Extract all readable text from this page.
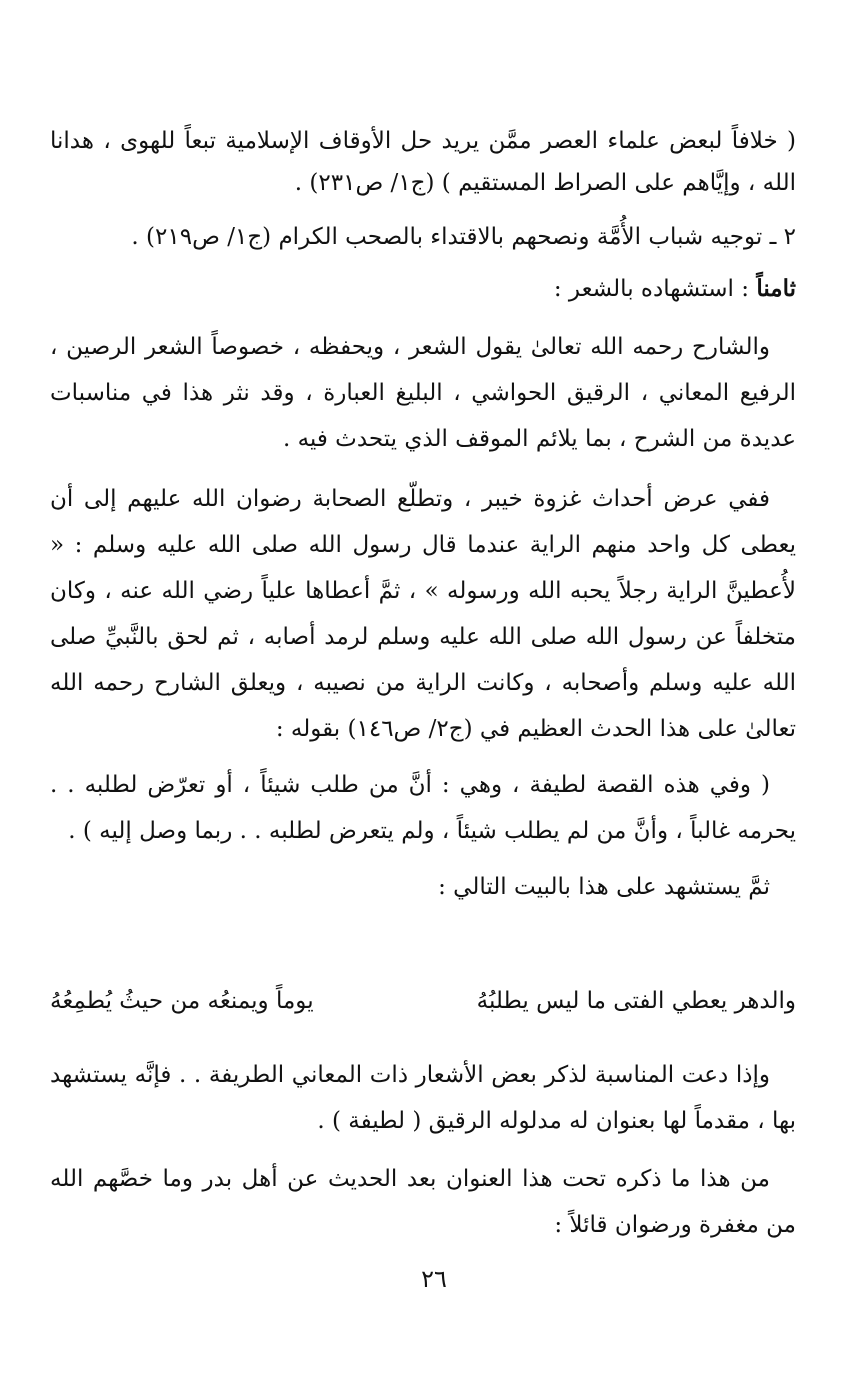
( خلافاً لبعض علماء العصر ممَّن يريد حل الأوقاف الإسلامية تبعاً للهوى ، هدانا الله ، وإيَّاهم على الصراط المستقيم ) (ج١/ ص٢٣١) .

٢ ـ توجيه شباب الأُمَّة ونصحهم بالاقتداء بالصحب الكرام (ج١/ ص٢١٩) .

ثامناً : استشهاده بالشعر :

والشارح رحمه الله تعالىٰ يقول الشعر ، ويحفظه ، خصوصاً الشعر الرصين ، الرفيع المعاني ، الرقيق الحواشي ، البليغ العبارة ، وقد نثر هذا في مناسبات عديدة من الشرح ، بما يلائم الموقف الذي يتحدث فيه .

ففي عرض أحداث غزوة خيبر ، وتطلّع الصحابة رضوان الله عليهم إلى أن يعطى كل واحد منهم الراية عندما قال رسول الله صلى الله عليه وسلم : « لأُعطينَّ الراية رجلاً يحبه الله ورسوله » ، ثمَّ أعطاها علياً رضي الله عنه ، وكان متخلفاً عن رسول الله صلى الله عليه وسلم لرمد أصابه ، ثم لحق بالنَّبيِّ صلى الله عليه وسلم وأصحابه ، وكانت الراية من نصيبه ، ويعلق الشارح رحمه الله تعالىٰ على هذا الحدث العظيم في (ج٢/ ص١٤٦) بقوله :

( وفي هذه القصة لطيفة ، وهي : أنَّ من طلب شيئاً ، أو تعرّض لطلبه . . يحرمه غالباً ، وأنَّ من لم يطلب شيئاً ، ولم يتعرض لطلبه . . ربما وصل إليه ) .

ثمَّ يستشهد على هذا بالبيت التالي :

والدهر يعطي الفتى ما ليس يطلبُهُ
يوماً ويمنعُه من حيثُ يُطمِعُهُ

وإذا دعت المناسبة لذكر بعض الأشعار ذات المعاني الطريفة . . فإنَّه يستشهد بها ، مقدماً لها بعنوان له مدلوله الرقيق ( لطيفة ) .

من هذا ما ذكره تحت هذا العنوان بعد الحديث عن أهل بدر وما خصَّهم الله من مغفرة ورضوان قائلاً :

٢٦
